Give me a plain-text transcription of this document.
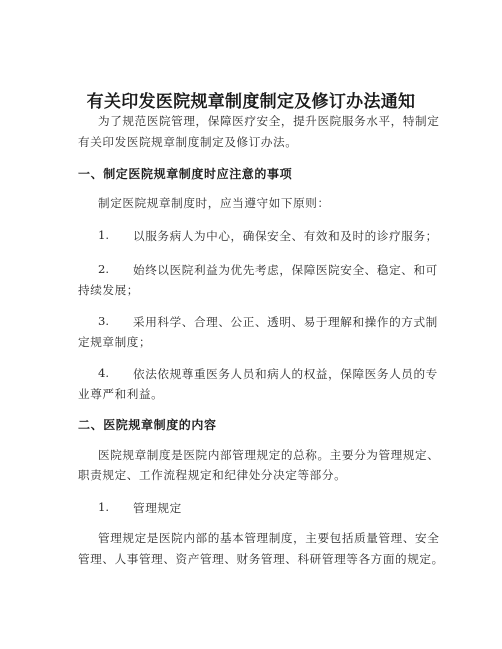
有关印发医院规章制度制定及修订办法通知

为了规范医院管理，保障医疗安全，提升医院服务水平，特制定

有关印发医院规章制度制定及修订办法。

一、制定医院规章制度时应注意的事项

制定医院规章制度时，应当遵守如下原则：

1. 以服务病人为中心，确保安全、有效和及时的诊疗服务；
2. 始终以医院利益为优先考虑，保障医院安全、稳定、和可

持续发展；

3. 采用科学、合理、公正、透明、易于理解和操作的方式制

定规章制度；

4. 依法依规尊重医务人员和病人的权益，保障医务人员的专

业尊严和利益。

二、医院规章制度的内容

医院规章制度是医院内部管理规定的总称。主要分为管理规定、

职责规定、工作流程规定和纪律处分决定等部分。

1. 管理规定

管理规定是医院内部的基本管理制度，主要包括质量管理、安全

管理、人事管理、资产管理、财务管理、科研管理等各方面的规定。
